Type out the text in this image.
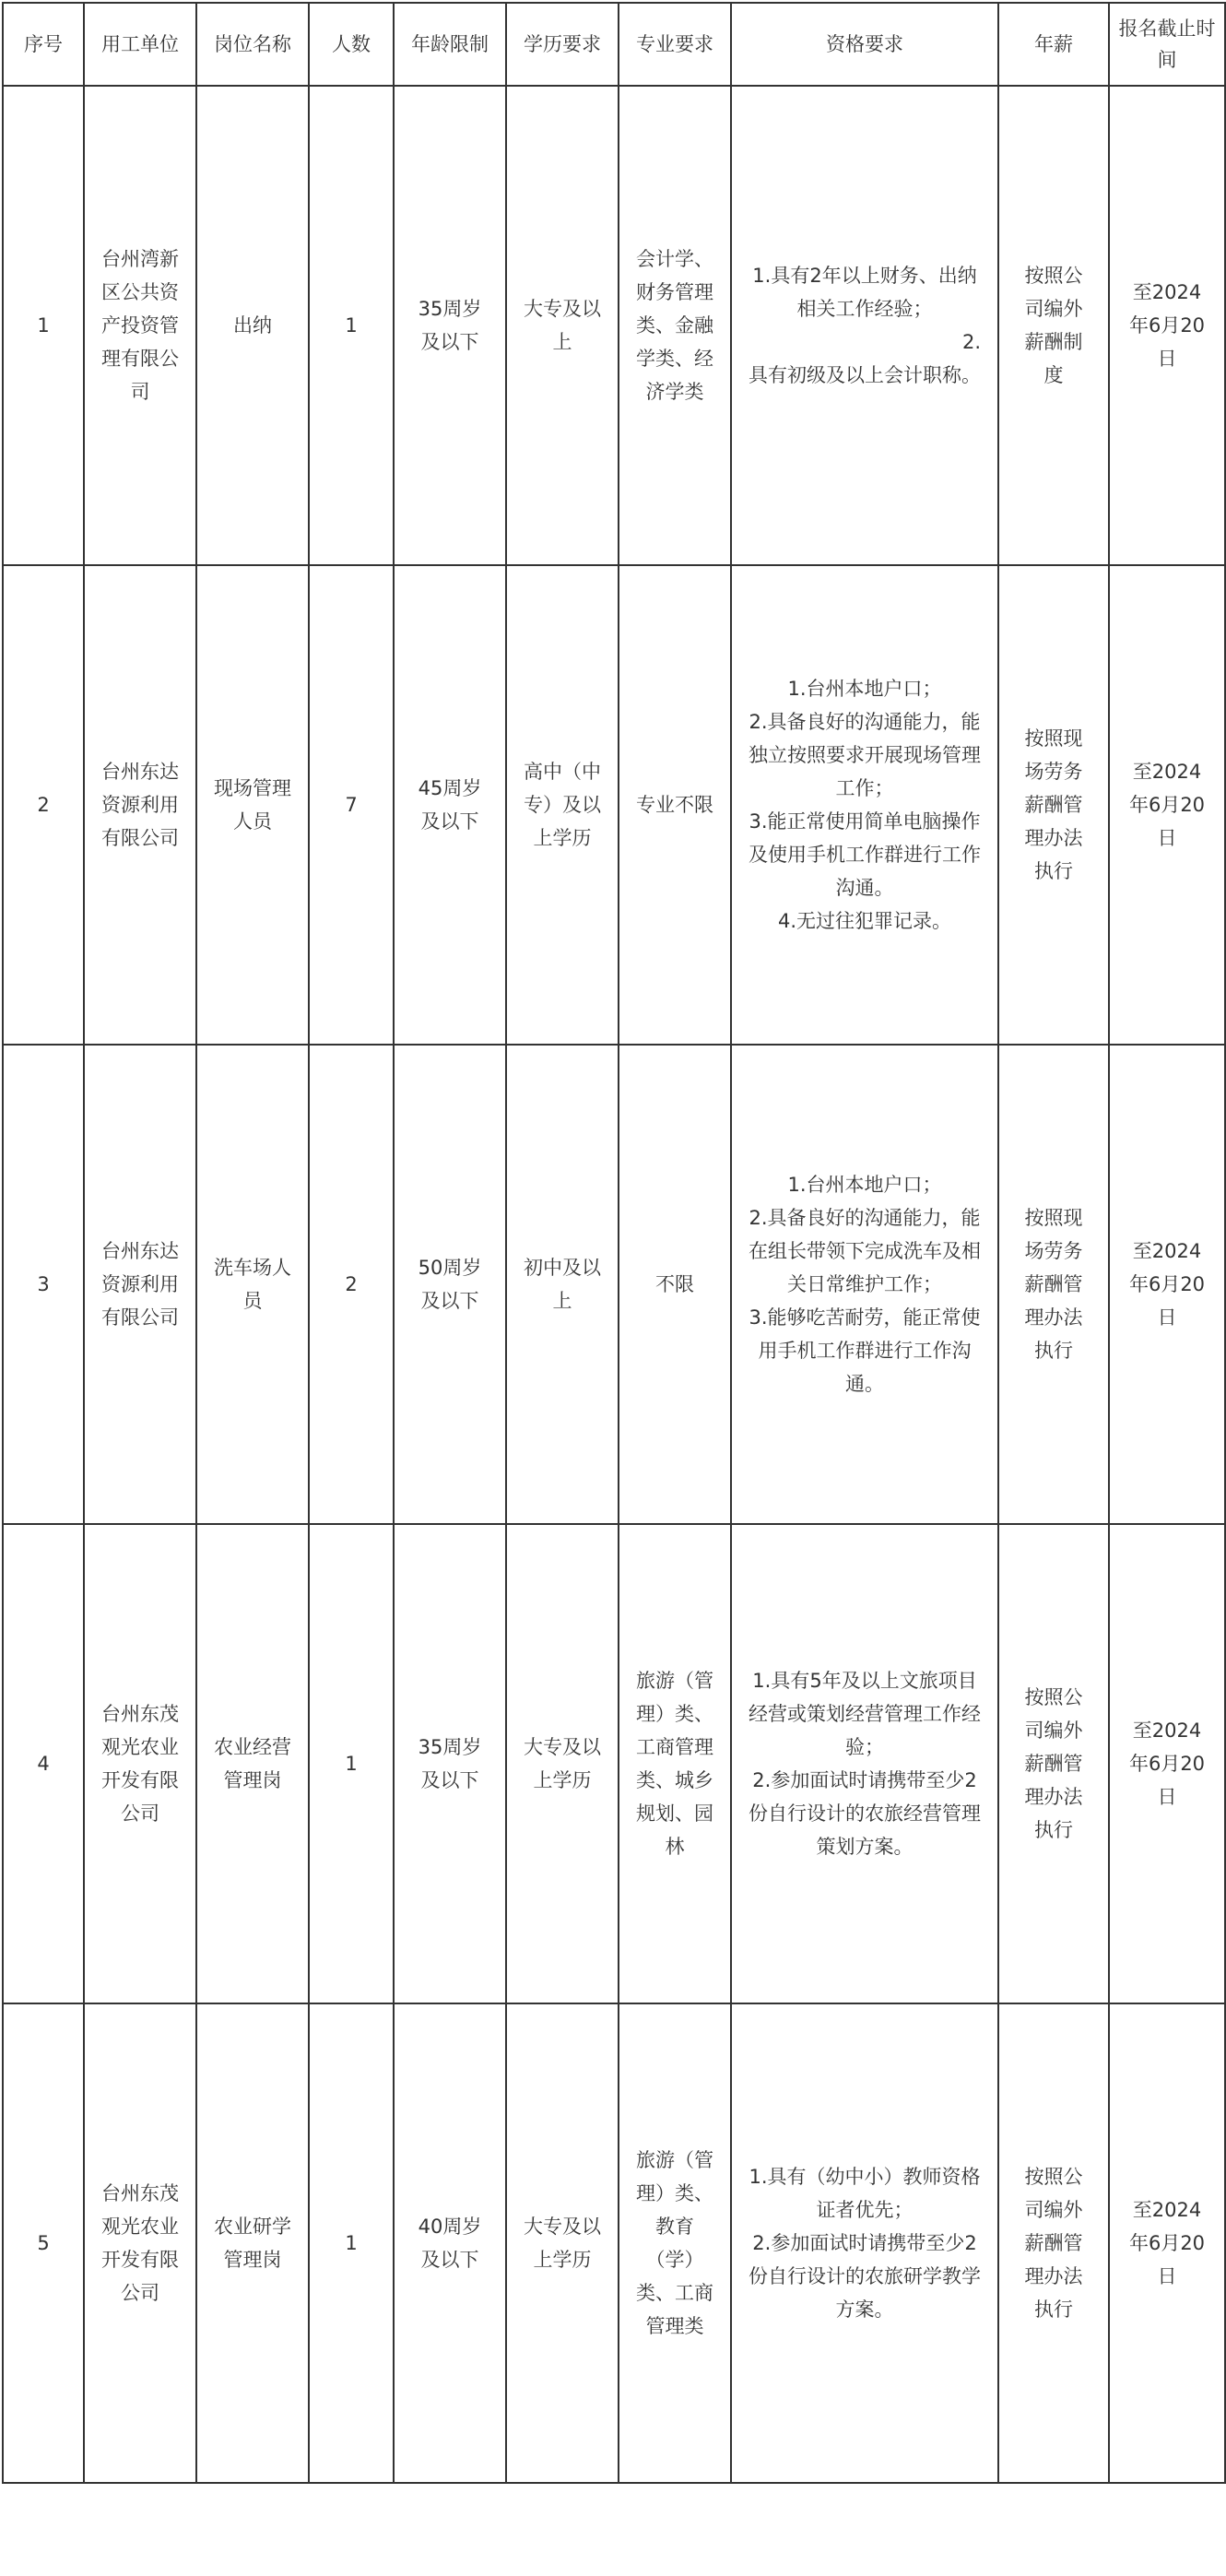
序号	用工单位	岗位名称	人数	年龄限制	学历要求	专业要求	资格要求	年薪	报名截止时间
1	台州湾新区公共资产投资管理有限公司	出纳	1	35周岁及以下	大专及以上	会计学、财务管理类、金融学类、经济学类	1.具有2年以上财务、出纳相关工作经验；
2.
具有初级及以上会计职称。	按照公司编外薪酬制度	至2024年6月20日
2	台州东达资源利用有限公司	现场管理人员	7	45周岁及以下	高中（中专）及以上学历	专业不限	1.台州本地户口；
2.具备良好的沟通能力，能独立按照要求开展现场管理工作；
3.能正常使用简单电脑操作及使用手机工作群进行工作沟通。
4.无过往犯罪记录。	按照现场劳务薪酬管理办法执行	至2024年6月20日
3	台州东达资源利用有限公司	洗车场人员	2	50周岁及以下	初中及以上	不限	1.台州本地户口；
2.具备良好的沟通能力，能在组长带领下完成洗车及相关日常维护工作；
3.能够吃苦耐劳，能正常使用手机工作群进行工作沟通。	按照现场劳务薪酬管理办法执行	至2024年6月20日
4	台州东茂观光农业开发有限公司	农业经营管理岗	1	35周岁及以下	大专及以上学历	旅游（管理）类、工商管理类、城乡规划、园林	1.具有5年及以上文旅项目经营或策划经营管理工作经验；
2.参加面试时请携带至少2份自行设计的农旅经营管理策划方案。	按照公司编外薪酬管理办法执行	至2024年6月20日
5	台州东茂观光农业开发有限公司	农业研学管理岗	1	40周岁及以下	大专及以上学历	旅游（管理）类、教育（学）类、工商管理类	1.具有（幼中小）教师资格证者优先；
2.参加面试时请携带至少2份自行设计的农旅研学教学方案。	按照公司编外薪酬管理办法执行	至2024年6月20日
